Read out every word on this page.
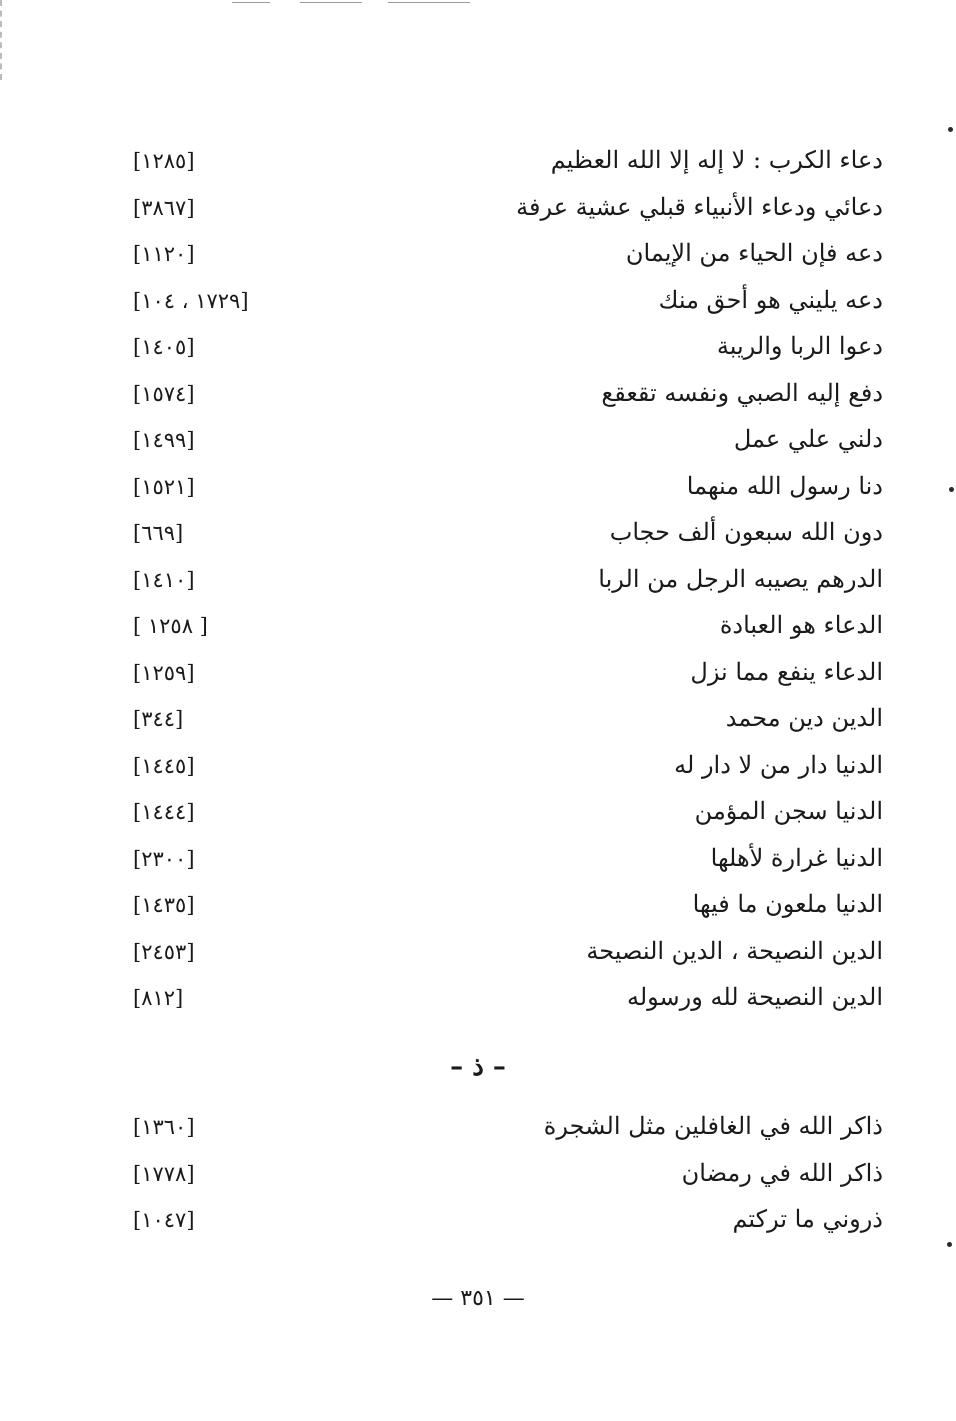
دعاء الكرب : لا إله إلا الله العظيم
[١٢٨٥]
دعائي ودعاء الأنبياء قبلي عشية عرفة
[٣٨٦٧]
دعه فإن الحياء من الإيمان
[١١٢٠]
دعه يليني هو أحق منك
[١٧٢٩ ، ١٠٤]
دعوا الربا والريبة
[١٤٠٥]
دفع إليه الصبي ونفسه تقعقع
[١٥٧٤]
دلني علي عمل
[١٤٩٩]
دنا رسول الله منهما
[١٥٢١]
دون الله سبعون ألف حجاب
[٦٦٩]
الدرهم يصيبه الرجل من الربا
[١٤١٠]
الدعاء هو العبادة
[ ١٢٥٨ ]
الدعاء ينفع مما نزل
[١٢٥٩]
الدين دين محمد
[٣٤٤]
الدنيا دار من لا دار له
[١٤٤٥]
الدنيا سجن المؤمن
[١٤٤٤]
الدنيا غرارة لأهلها
[٢٣٠٠]
الدنيا ملعون ما فيها
[١٤٣٥]
الدين النصيحة ، الدين النصيحة
[٢٤٥٣]
الدين النصيحة لله ورسوله
[٨١٢]
– ذ –
ذاكر الله في الغافلين مثل الشجرة
[١٣٦٠]
ذاكر الله في رمضان
[١٧٧٨]
ذروني ما تركتم
[١٠٤٧]
— ٣٥١ —
